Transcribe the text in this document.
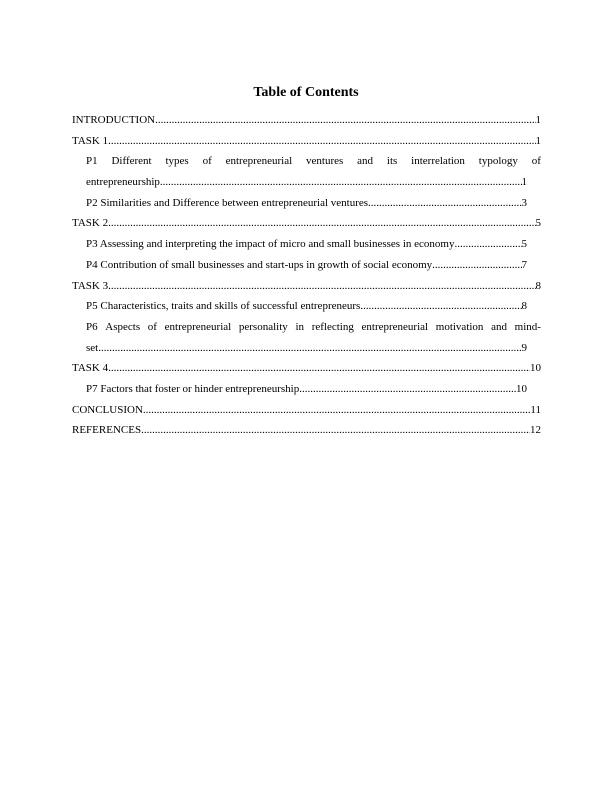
Table of Contents
INTRODUCTION .....	1
TASK 1 .....	1
P1 Different types of entrepreneurial ventures and its interrelation typology of
entrepreneurship .....	1
P2 Similarities and Difference between entrepreneurial ventures .....	3
TASK 2 .....	5
P3 Assessing and interpreting the impact of micro and small businesses in economy .....	5
P4 Contribution of small businesses and start-ups in growth of social economy .....	7
TASK 3 .....	8
P5 Characteristics, traits and skills of successful entrepreneurs .....	8
P6 Aspects of entrepreneurial personality in reflecting entrepreneurial motivation and mind-
set .....	9
TASK 4 .....	10
P7 Factors that foster or hinder entrepreneurship .....	10
CONCLUSION .....	11
REFERENCES .....	12
